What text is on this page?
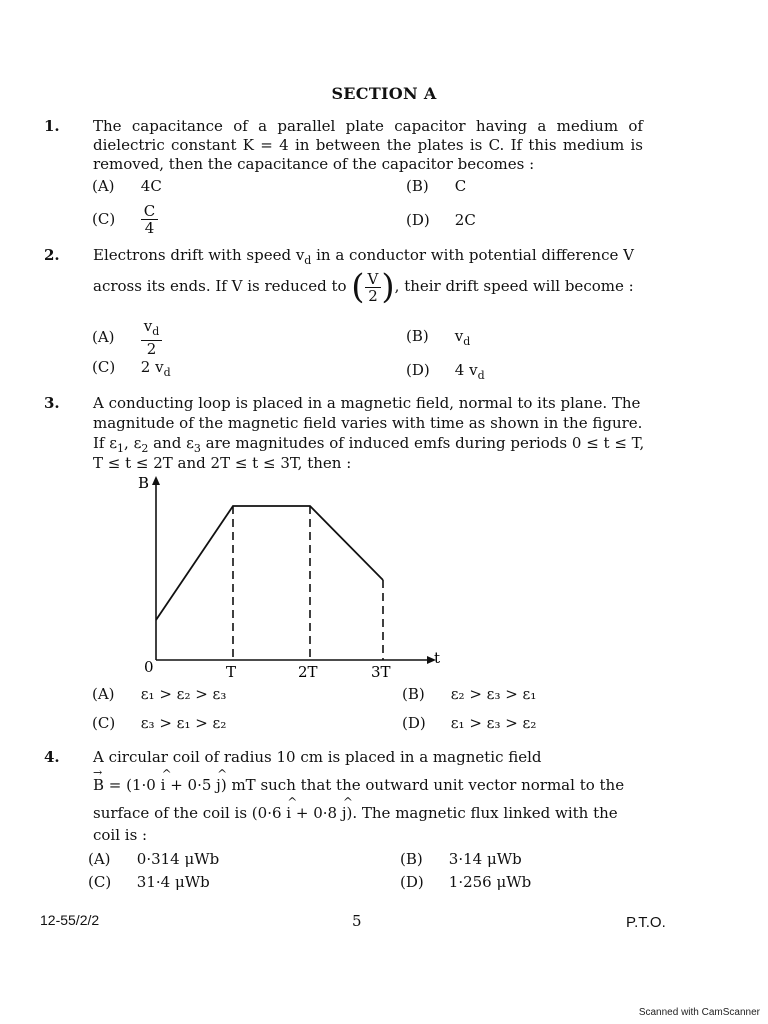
SECTION A
1. The capacitance of a parallel plate capacitor having a medium of dielectric constant K = 4 in between the plates is C. If this medium is removed, then the capacitance of the capacitor becomes :
(A) 4C	(B) C
$(C) \frac{C}{4}$	(D) 2C
2. Electrons drift with speed $v_d$ in a conductor with potential difference V
across its ends. If V is reduced to ( $\frac{V}{2}$ ) , their drift speed will become :
$(A) \frac{v_d}{2}$	(B) $v_d$
(C) 2 $v_d$	(D) 4 $v_d$
3. A conducting loop is placed in a magnetic field, normal to its plane. The
magnitude of the magnetic field varies with time as shown in the figure.
If $\varepsilon_1$, $\varepsilon_2$ and $\varepsilon_3$ are magnitudes of induced emfs during periods 0 ≤ t ≤ T,
T ≤ t ≤ 2T and 2T ≤ t ≤ 3T, then :
B
t
0	T	2T	3T
(A) ε₁ > ε₂ > ε₃	(B) ε₂ > ε₃ > ε₁
(C) ε₃ > ε₁ > ε₂	(D) ε₁ > ε₃ > ε₂
4. A circular coil of radius 10 cm is placed in a magnetic field
→ B = (1·0 ^ i + 0·5 ^ j) mT such that the outward unit vector normal to the
surface of the coil is (0·6 ^ i + 0·8 ^ j). The magnetic flux linked with the
coil is :
(A) 0·314 μWb	(B) 3·14 μWb
(C) 31·4 μWb	(D) 1·256 μWb
12-55/2/2	5	P.T.O.
Scanned with CamScanner
